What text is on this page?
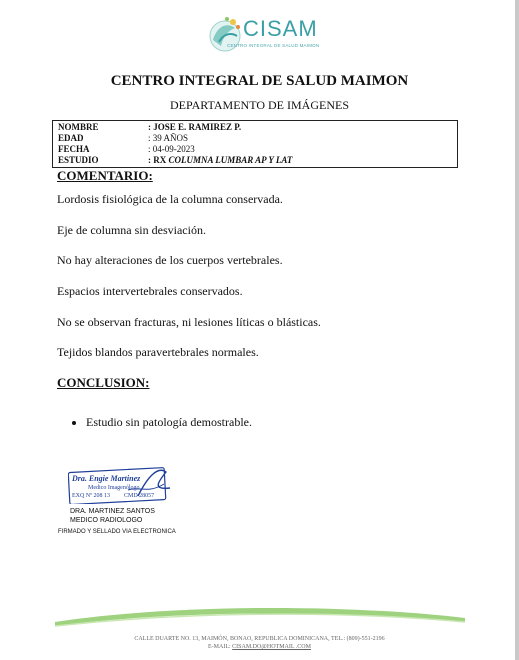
CISAM
CENTRO INTEGRAL DE SALUD MAIMON
CENTRO INTEGRAL DE SALUD MAIMON
DEPARTAMENTO DE IMÁGENES
NOMBRE	: JOSE E. RAMIREZ P.
EDAD	: 39 AÑOS
FECHA	: 04-09-2023
ESTUDIO	: RX COLUMNA LUMBAR AP Y LAT
COMENTARIO:
Lordosis fisiológica de la columna conservada.
Eje de columna sin desviación.
No hay alteraciones de los cuerpos vertebrales.
Espacios intervertebrales conservados.
No se observan fracturas, ni lesiones líticas o blásticas.
Tejidos blandos paravertebrales normales.
CONCLUSION:
Estudio sin patología demostrable.
Dra. Engie Martinez
Medico Imagenólogo
EXQ Nº 208 13 CMD 28057
DRA. MARTINEZ SANTOS
MEDICO RADIOLOGO
FIRMADO Y SELLADO VIA ELECTRONICA
CALLE DUARTE NO. 13, MAIMÓN, BONAO, REPUBLICA DOMINICANA, TEL.: (809)-551-2196
E-MAIL: CISAM.DO@HOTMAIL .COM
